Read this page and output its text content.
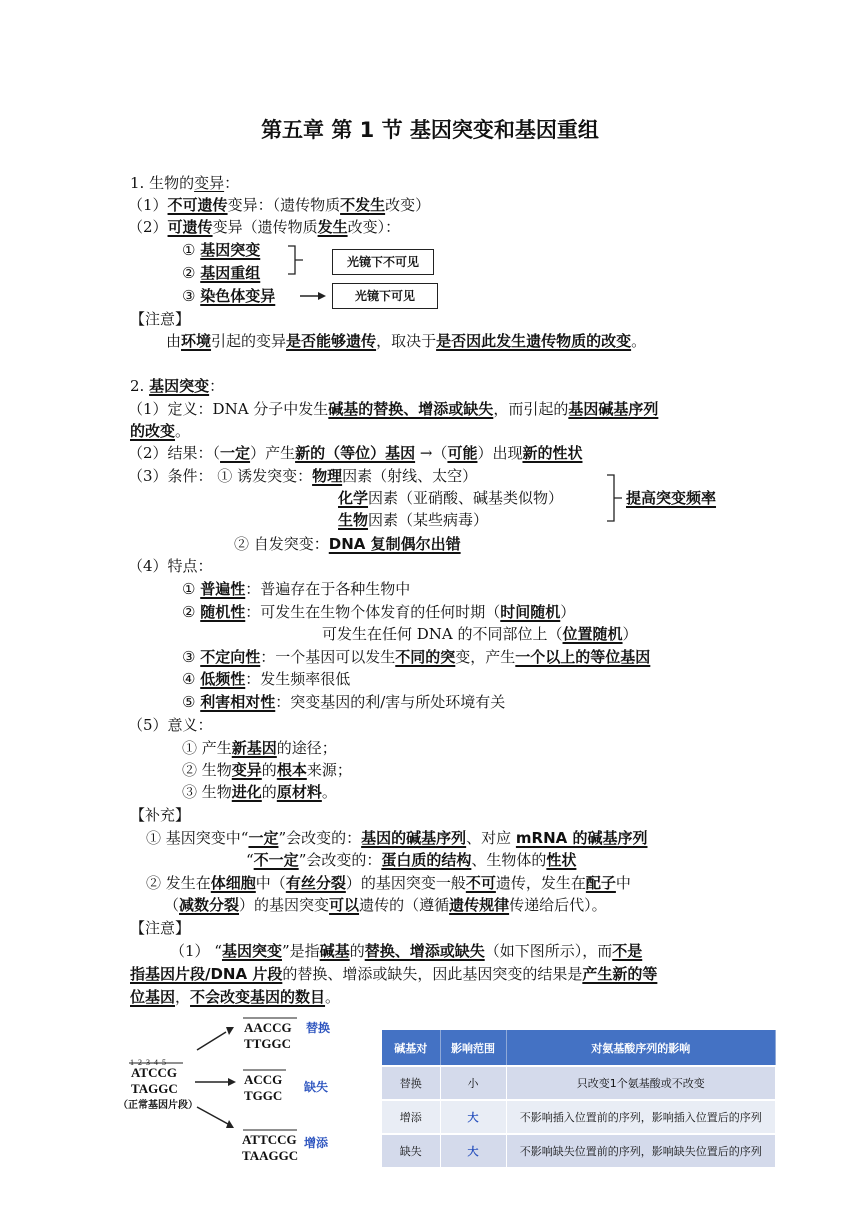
第五章 第 1 节 基因突变和基因重组
1. 生物的变异：
（1）不可遗传变异：（遗传物质不发生改变）
（2）可遗传变异（遗传物质发生改变）：
① 基因突变
② 基因重组
③ 染色体变异
光镜下不可见
光镜下可见
【注意】
由环境引起的变异是否能够遗传，取决于是否因此发生遗传物质的改变。
2. 基因突变：
（1）定义：DNA 分子中发生碱基的替换、增添或缺失，而引起的基因碱基序列
的改变。
（2）结果：（一定）产生新的（等位）基因 →（可能）出现新的性状
（3）条件： ① 诱发突变：物理因素（射线、太空）
化学因素（亚硝酸、碱基类似物）
生物因素（某些病毒）
提高突变频率
② 自发突变：DNA 复制偶尔出错
（4）特点：
① 普遍性：普遍存在于各种生物中
② 随机性：可发生在生物个体发育的任何时期（时间随机）
可发生在任何 DNA 的不同部位上（位置随机）
③ 不定向性：一个基因可以发生不同的突变，产生一个以上的等位基因
④ 低频性：发生频率很低
⑤ 利害相对性：突变基因的利/害与所处环境有关
（5）意义：
① 产生新基因的途径；
② 生物变异的根本来源；
③ 生物进化的原材料。
【补充】
① 基因突变中“一定”会改变的：基因的碱基序列、对应 mRNA 的碱基序列
“不一定”会改变的：蛋白质的结构、生物体的性状
② 发生在体细胞中（有丝分裂）的基因突变一般不可遗传，发生在配子中
（减数分裂）的基因突变可以遗传的（遵循遗传规律传递给后代）。
【注意】
（1） “基因突变”是指碱基的替换、增添或缺失（如下图所示），而不是
指基因片段/DNA 片段的替换、增添或缺失，因此基因突变的结果是产生新的等
位基因，不会改变基因的数目。
1 2 3 4 5
ATCCG
TAGGC
（正常基因片段）
AACCG
TTGGC
替换
ACCG
TGGC
缺失
ATTCCG
TAAGGC
增添
碱基对	影响范围	对氨基酸序列的影响
替换	小	只改变1个氨基酸或不改变
增添	大	不影响插入位置前的序列，影响插入位置后的序列
缺失	大	不影响缺失位置前的序列，影响缺失位置后的序列
